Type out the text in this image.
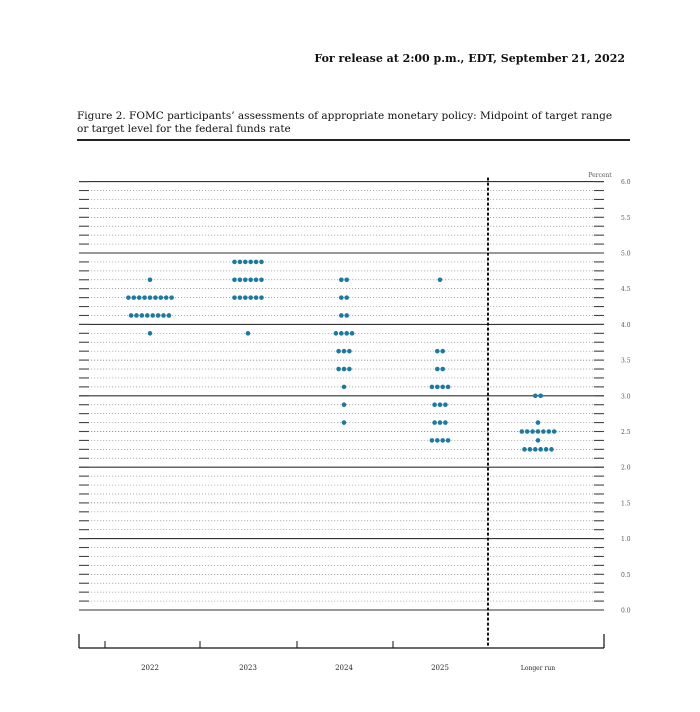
For release at 2:00 p.m., EDT, September 21, 2022
Figure 2. FOMC participants’ assessments of appropriate monetary policy: Midpoint of target range
or target level for the federal funds rate
6.0
5.5
5.0
4.5
4.0
3.5
3.0
2.5
2.0
1.5
1.0
0.5
0.0
Percent
2022	2023	2024	2025	Longer run
